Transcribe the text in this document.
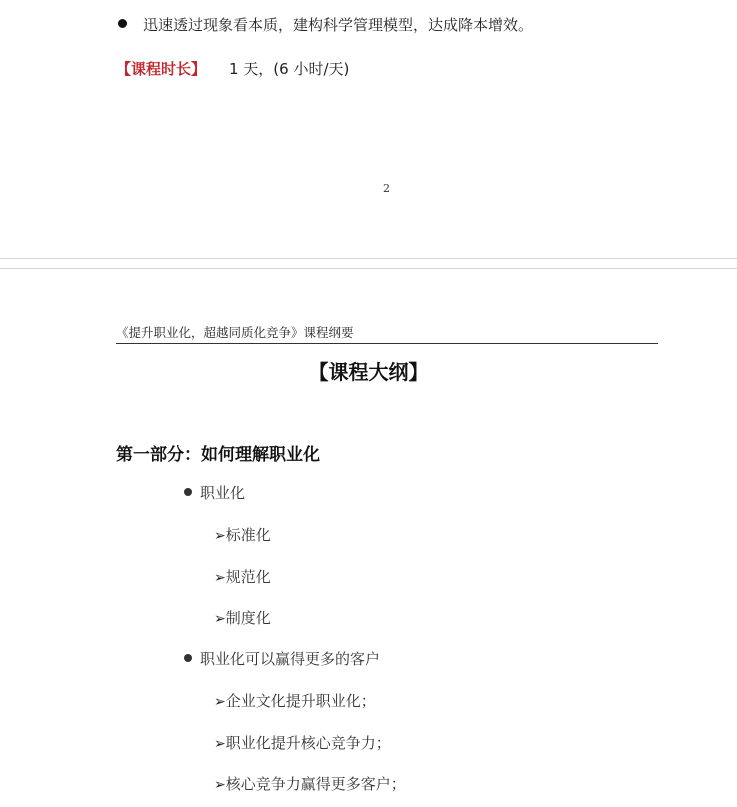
迅速透过现象看本质，建构科学管理模型，达成降本增效。
【课程时长】 1 天，(6 小时/天)
2
《提升职业化，超越同质化竞争》课程纲要
【课程大纲】
第一部分：如何理解职业化
职业化
➢标准化
➢规范化
➢制度化
职业化可以赢得更多的客户
➢企业文化提升职业化；
➢职业化提升核心竞争力；
➢核心竞争力赢得更多客户；
